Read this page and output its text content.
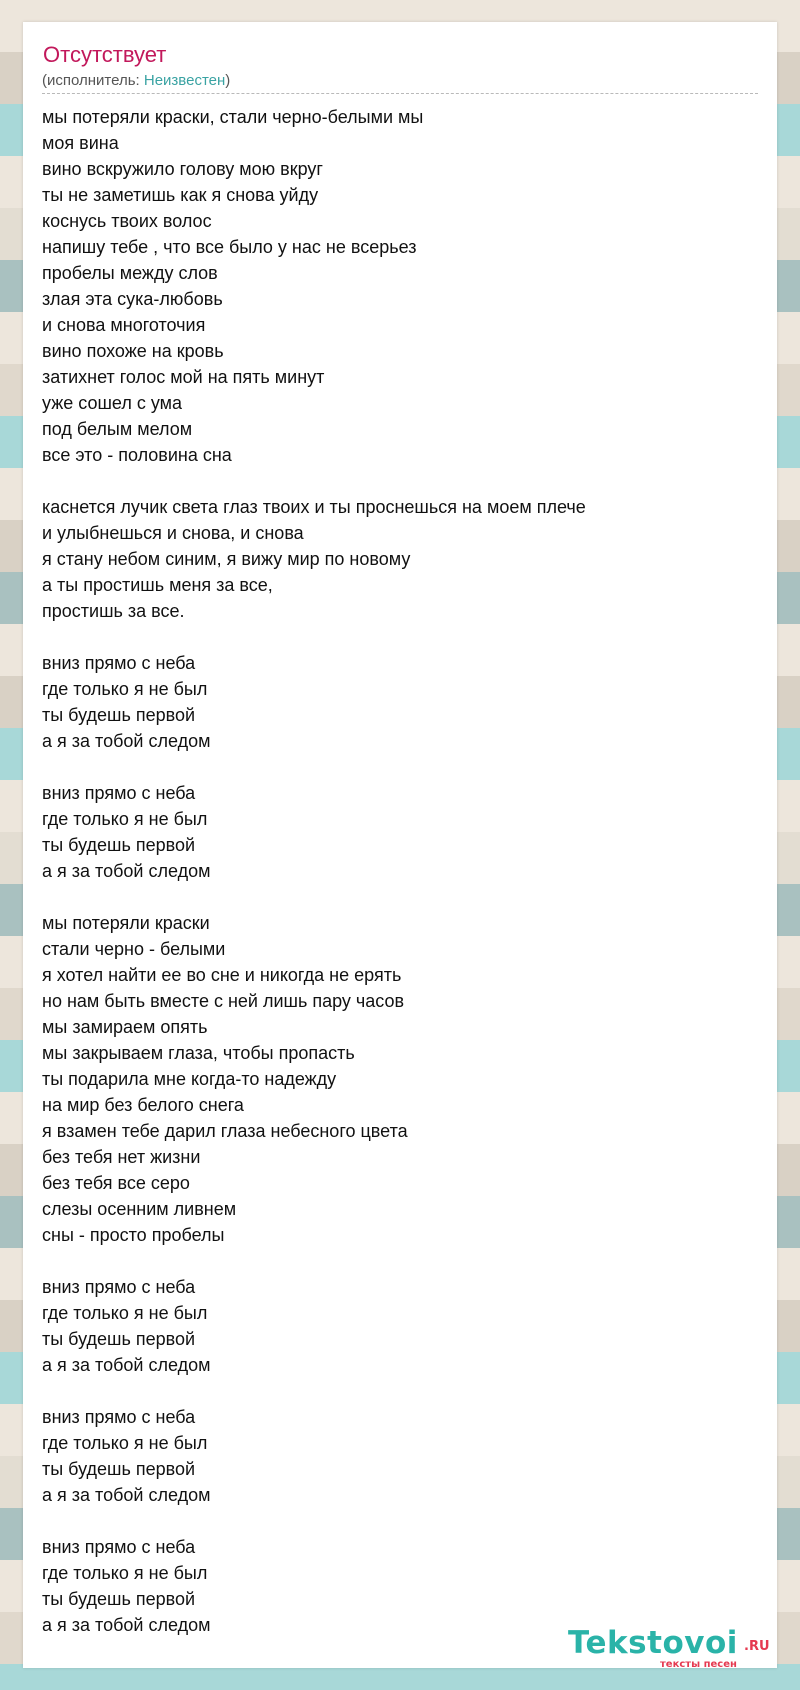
Отсутствует
(исполнитель: Неизвестен)
мы потеряли краски, стали черно-белыми мы
моя вина
вино вскружило голову мою вкруг
ты не заметишь как я снова уйду
коснусь твоих волос
напишу тебе , что все было у нас не всерьез
пробелы между слов
злая эта сука-любовь
и снова многоточия
вино похоже на кровь
затихнет голос мой на пять минут
уже сошел с ума
под белым мелом
все это - половина сна
каснется лучик света глаз твоих и ты проснешься на моем плече
и улыбнешься и снова, и снова
я стану небом синим, я вижу мир по новому
а ты простишь меня за все,
простишь за все.
вниз прямо с неба
где только я не был
ты будешь первой
а я за тобой следом
вниз прямо с неба
где только я не был
ты будешь первой
а я за тобой следом
мы потеряли краски
стали черно - белыми
я хотел найти ее во сне и никогда не ерять
но нам быть вместе с ней лишь пару часов
мы замираем опять
мы закрываем глаза, чтобы пропасть
ты подарила мне когда-то надежду
на мир без белого снега
я взамен тебе дарил глаза небесного цвета
без тебя нет жизни
без тебя все серо
слезы осенним ливнем
сны - просто пробелы
вниз прямо с неба
где только я не был
ты будешь первой
а я за тобой следом
вниз прямо с неба
где только я не был
ты будешь первой
а я за тобой следом
вниз прямо с неба
где только я не был
ты будешь первой
а я за тобой следом	Tekstovoi .RU
тексты песен
